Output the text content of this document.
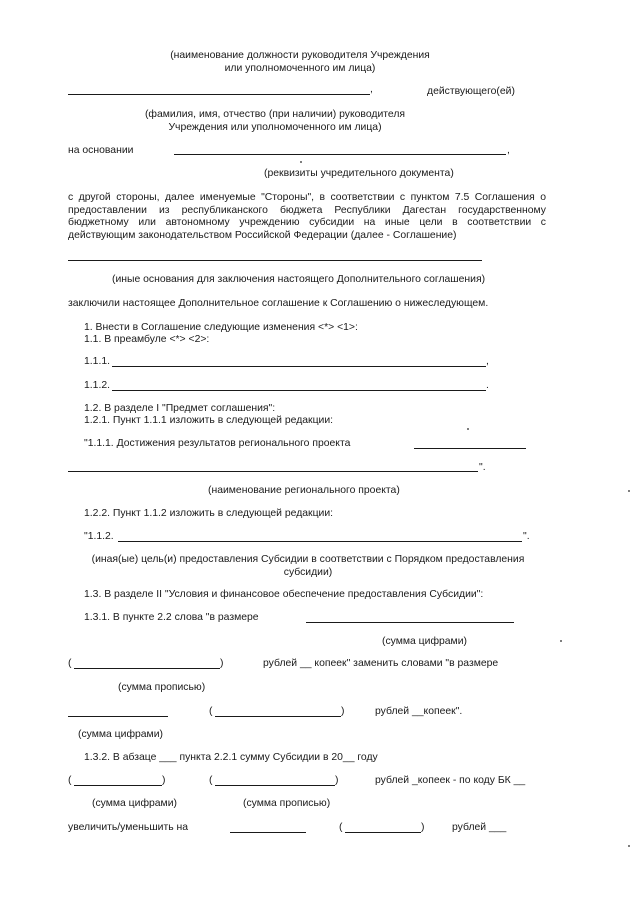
(наименование должности руководителя Учреждения
или уполномоченного им лица)
,	действующего(ей)
(фамилия, имя, отчество (при наличии) руководителя
Учреждения или уполномоченного им лица)
на основании	,
(реквизиты учредительного документа)
с другой стороны, далее именуемые "Стороны", в соответствии с пунктом 7.5 Соглашения о
предоставлении из республиканского бюджета Республики Дагестан государственному
бюджетному или автономному учреждению субсидии на иные цели в соответствии с
действующим законодательством Российской Федерации (далее - Соглашение)
(иные основания для заключения настоящего Дополнительного соглашения)
заключили настоящее Дополнительное соглашение к Соглашению о нижеследующем.
1. Внести в Соглашение следующие изменения <*> <1>:
1.1. В преамбуле <*> <2>:
1.1.1.	,
1.1.2.	.
1.2. В разделе I "Предмет соглашения":
1.2.1. Пункт 1.1.1 изложить в следующей редакции:
"1.1.1. Достижения результатов регионального проекта
".
(наименование регионального проекта)
1.2.2. Пункт 1.1.2 изложить в следующей редакции:
"1.1.2.	".
(иная(ые) цель(и) предоставления Субсидии в соответствии с Порядком предоставления
субсидии)
1.3. В разделе II "Условия и финансовое обеспечение предоставления Субсидии":
1.3.1. В пункте 2.2 слова "в размере
(сумма цифрами)
(	)	рублей __ копеек" заменить словами "в размере
(сумма прописью)
(	)	рублей __копеек".
(сумма цифрами)
1.3.2. В абзаце ___ пункта 2.2.1 сумму Субсидии в 20__ году
(	)	(	)	рублей _копеек - по коду БК __
(сумма цифрами)	(сумма прописью)
увеличить/уменьшить на	(	)	рублей ___
